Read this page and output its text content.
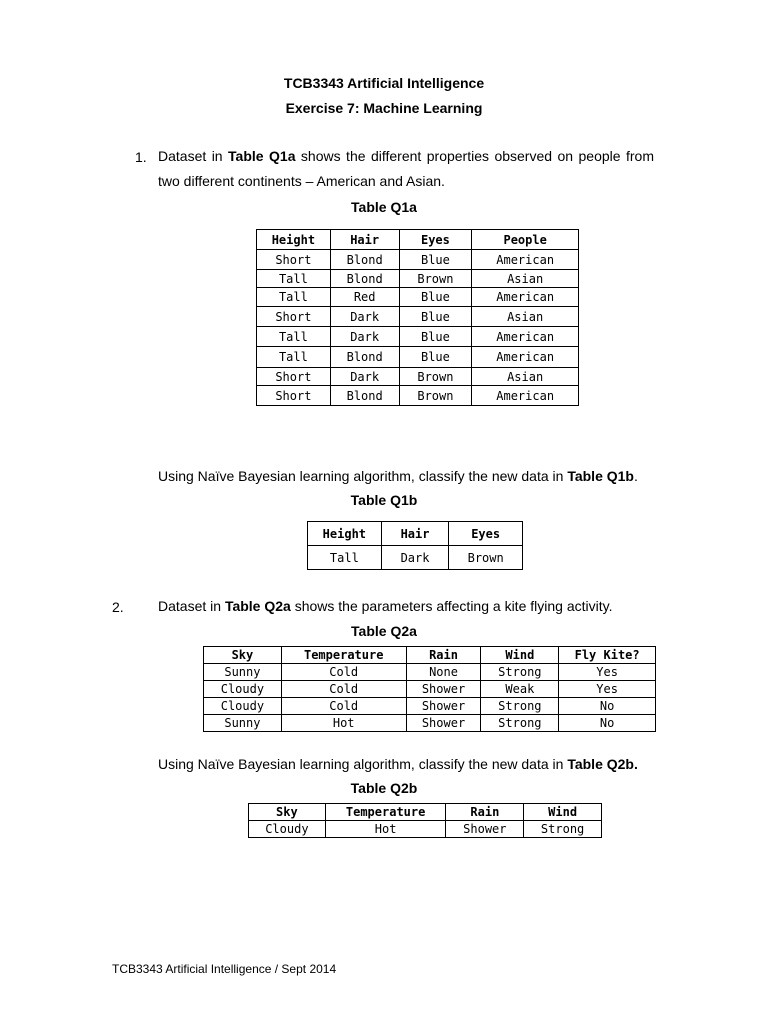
TCB3343 Artificial Intelligence
Exercise 7: Machine Learning
1. Dataset in Table Q1a shows the different properties observed on people from
two different continents – American and Asian.
Table Q1a
Height	Hair	Eyes	People
Short	Blond	Blue	American
Tall	Blond	Brown	Asian
Tall	Red	Blue	American
Short	Dark	Blue	Asian
Tall	Dark	Blue	American
Tall	Blond	Blue	American
Short	Dark	Brown	Asian
Short	Blond	Brown	American
Using Naïve Bayesian learning algorithm, classify the new data in Table Q1b.
Table Q1b
Height	Hair	Eyes
Tall	Dark	Brown
2. Dataset in Table Q2a shows the parameters affecting a kite flying activity.
Table Q2a
Sky	Temperature	Rain	Wind	Fly Kite?
Sunny	Cold	None	Strong	Yes
Cloudy	Cold	Shower	Weak	Yes
Cloudy	Cold	Shower	Strong	No
Sunny	Hot	Shower	Strong	No
Using Naïve Bayesian learning algorithm, classify the new data in Table Q2b.
Table Q2b
Sky	Temperature	Rain	Wind
Cloudy	Hot	Shower	Strong
TCB3343 Artificial Intelligence / Sept 2014
